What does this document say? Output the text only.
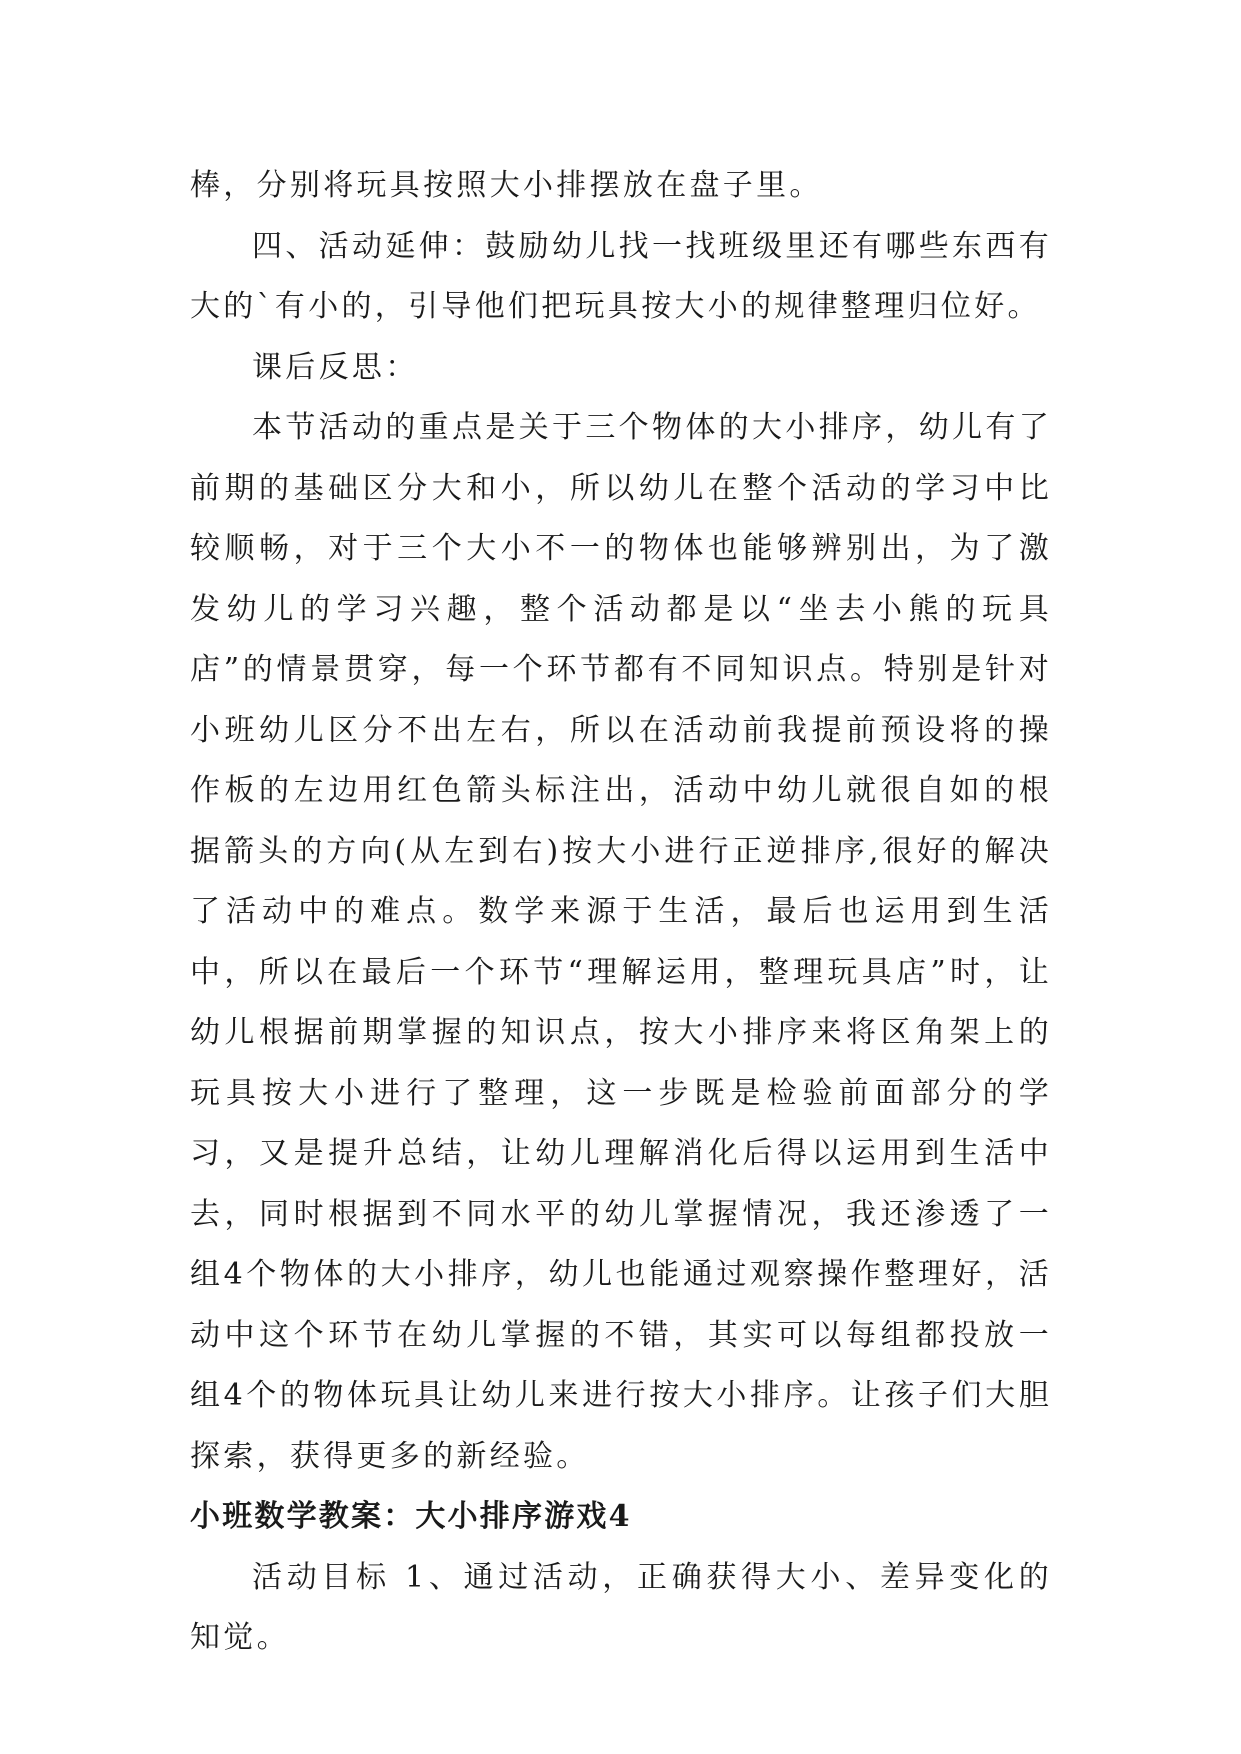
棒，分别将玩具按照大小排摆放在盘子里。

四、活动延伸：鼓励幼儿找一找班级里还有哪些东西有大的`有小的，引导他们把玩具按大小的规律整理归位好。

课后反思：

本节活动的重点是关于三个物体的大小排序，幼儿有了前期的基础区分大和小，所以幼儿在整个活动的学习中比较顺畅，对于三个大小不一的物体也能够辨别出，为了激发幼儿的学习兴趣，整个活动都是以“坐去小熊的玩具店”的情景贯穿，每一个环节都有不同知识点。特别是针对小班幼儿区分不出左右，所以在活动前我提前预设将的操作板的左边用红色箭头标注出，活动中幼儿就很自如的根据箭头的方向(从左到右)按大小进行正逆排序,很好的解决了活动中的难点。数学来源于生活，最后也运用到生活中，所以在最后一个环节“理解运用，整理玩具店”时，让幼儿根据前期掌握的知识点，按大小排序来将区角架上的玩具按大小进行了整理，这一步既是检验前面部分的学习，又是提升总结，让幼儿理解消化后得以运用到生活中去，同时根据到不同水平的幼儿掌握情况，我还渗透了一组4个物体的大小排序，幼儿也能通过观察操作整理好，活动中这个环节在幼儿掌握的不错，其实可以每组都投放一组4个的物体玩具让幼儿来进行按大小排序。让孩子们大胆探索，获得更多的新经验。

小班数学教案：大小排序游戏4

活动目标 1、通过活动，正确获得大小、差异变化的知觉。
